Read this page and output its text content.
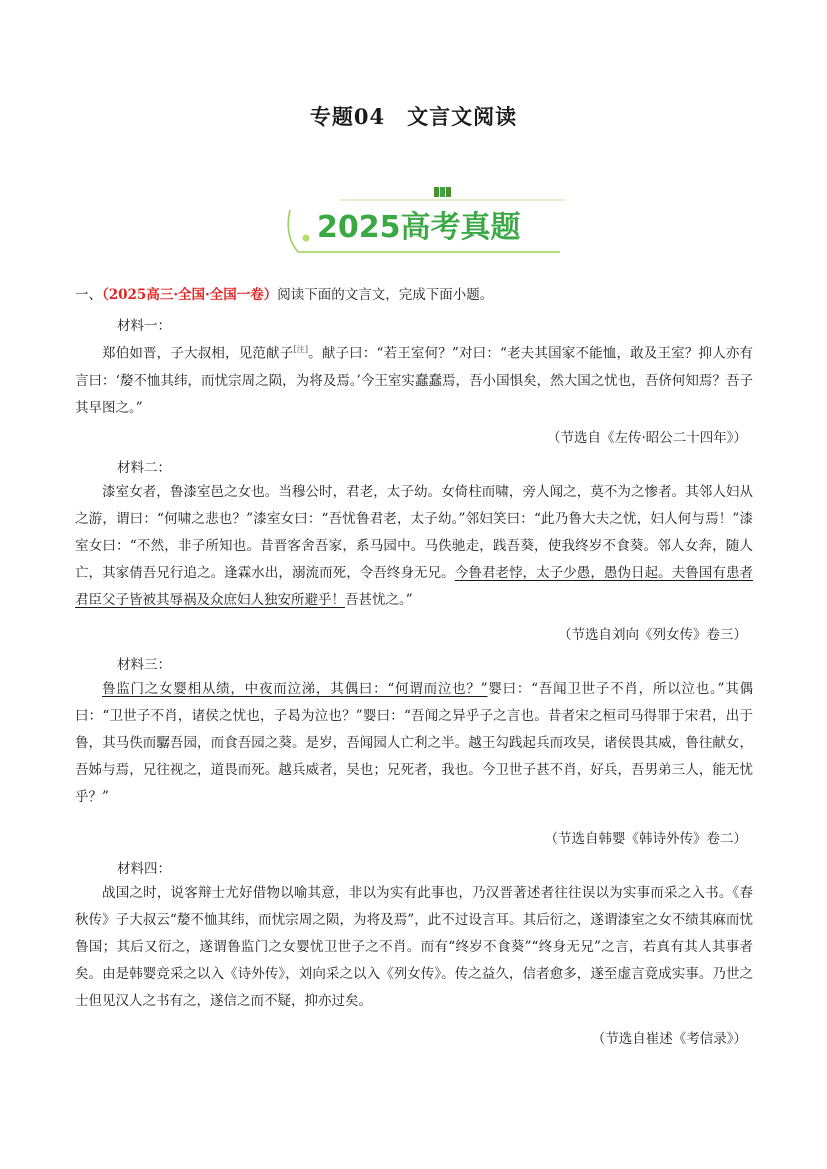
专题04 文言文阅读
2025高考真题
一、（2025高三·全国·全国一卷）阅读下面的文言文，完成下面小题。
材料一：

郑伯如晋，子大叔相，见范献子[注]。献子曰：“若王室何？”对曰：“老夫其国家不能恤，敢及王室？抑人亦有言曰：‘嫠不恤其纬，而忧宗周之陨，为将及焉。’今王室实蠢蠢焉，吾小国惧矣，然大国之忧也，吾侪何知焉？吾子其早图之。”

（节选自《左传·昭公二十四年》）
材料二：

漆室女者，鲁漆室邑之女也。当穆公时，君老，太子幼。女倚柱而啸，旁人闻之，莫不为之惨者。其邻人妇从之游，谓曰：“何啸之悲也？”漆室女曰：“吾忧鲁君老，太子幼。”邻妇笑曰：“此乃鲁大夫之忧，妇人何与焉！”漆室女曰：“不然，非子所知也。昔晋客舍吾家，系马园中。马佚驰走，践吾葵，使我终岁不食葵。邻人女奔，随人亡，其家倩吾兄行追之。逢霖水出，溺流而死，令吾终身无兄。今鲁君老悖，太子少愚，愚伪日起。夫鲁国有患者君臣父子皆被其辱祸及众庶妇人独安所避乎！吾甚忧之。”

（节选自刘向《列女传》卷三）
材料三：

鲁监门之女婴相从绩，中夜而泣涕，其偶曰：“何谓而泣也？”婴曰：“吾闻卫世子不肖，所以泣也。”其偶曰：“卫世子不肖，诸侯之忧也，子曷为泣也？”婴曰：“吾闻之异乎子之言也。昔者宋之桓司马得罪于宋君，出于鲁，其马佚而驏吾园，而食吾园之葵。是岁，吾闻园人亡利之半。越王勾践起兵而攻吴，诸侯畏其威，鲁往献女，吾姊与焉，兄往视之，道畏而死。越兵威者，吴也；兄死者，我也。今卫世子甚不肖，好兵，吾男弟三人，能无忧乎？”

（节选自韩婴《韩诗外传》卷二）
材料四：

战国之时，说客辩士尤好借物以喻其意，非以为实有此事也，乃汉晋著述者往往误以为实事而采之入书。《春秋传》子大叔云“嫠不恤其纬，而忧宗周之陨，为将及焉”，此不过设言耳。其后衍之，遂谓漆室之女不绩其麻而忧鲁国；其后又衍之，遂谓鲁监门之女婴忧卫世子之不肖。而有“终岁不食葵”“终身无兄”之言，若真有其人其事者矣。由是韩婴竞采之以入《诗外传》，刘向采之以入《列女传》。传之益久，信者愈多，遂至虚言竟成实事。乃世之士但见汉人之书有之，遂信之而不疑，抑亦过矣。

（节选自崔述《考信录》）
